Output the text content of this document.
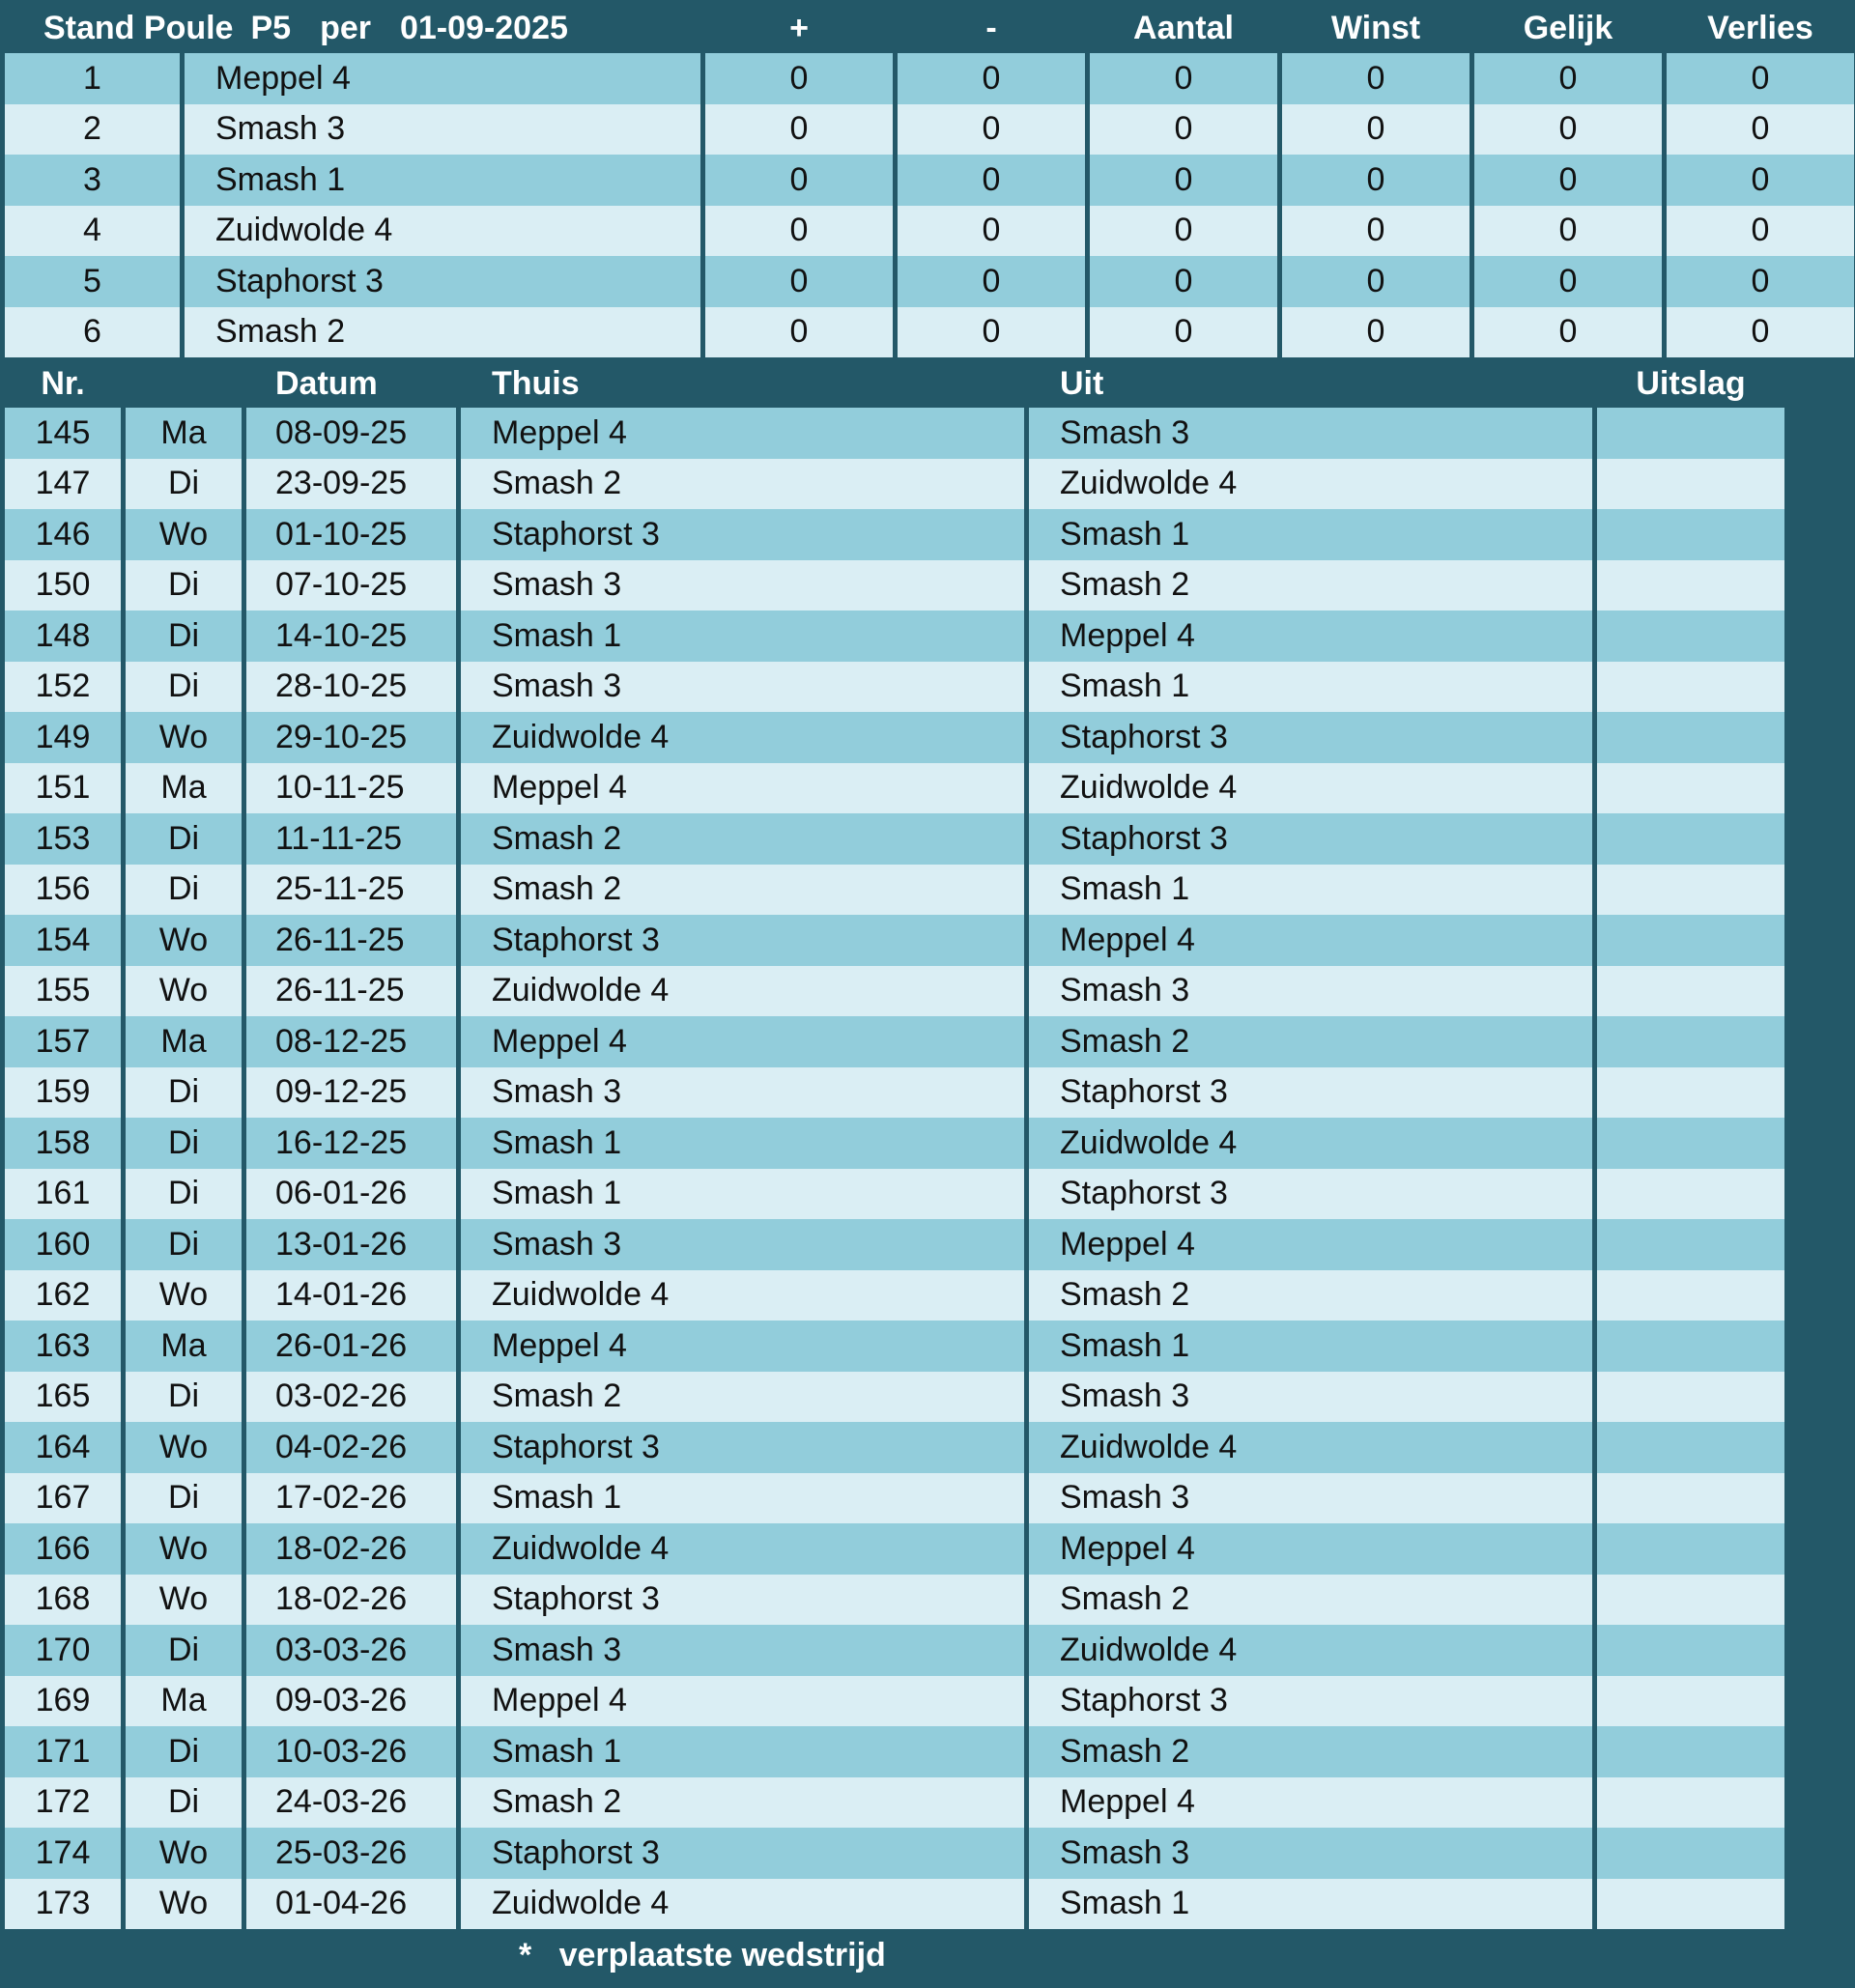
Stand Poule P5 per 01-09-2025	+	-	Aantal	Winst	Gelijk	Verlies
1	Meppel 4	0	0	0	0	0	0
2	Smash 3	0	0	0	0	0	0
3	Smash 1	0	0	0	0	0	0
4	Zuidwolde 4	0	0	0	0	0	0
5	Staphorst 3	0	0	0	0	0	0
6	Smash 2	0	0	0	0	0	0
Nr.	Datum	Thuis	Uit	Uitslag
145	Ma	08-09-25	Meppel 4	Smash 3
147	Di	23-09-25	Smash 2	Zuidwolde 4
146	Wo	01-10-25	Staphorst 3	Smash 1
150	Di	07-10-25	Smash 3	Smash 2
148	Di	14-10-25	Smash 1	Meppel 4
152	Di	28-10-25	Smash 3	Smash 1
149	Wo	29-10-25	Zuidwolde 4	Staphorst 3
151	Ma	10-11-25	Meppel 4	Zuidwolde 4
153	Di	11-11-25	Smash 2	Staphorst 3
156	Di	25-11-25	Smash 2	Smash 1
154	Wo	26-11-25	Staphorst 3	Meppel 4
155	Wo	26-11-25	Zuidwolde 4	Smash 3
157	Ma	08-12-25	Meppel 4	Smash 2
159	Di	09-12-25	Smash 3	Staphorst 3
158	Di	16-12-25	Smash 1	Zuidwolde 4
161	Di	06-01-26	Smash 1	Staphorst 3
160	Di	13-01-26	Smash 3	Meppel 4
162	Wo	14-01-26	Zuidwolde 4	Smash 2
163	Ma	26-01-26	Meppel 4	Smash 1
165	Di	03-02-26	Smash 2	Smash 3
164	Wo	04-02-26	Staphorst 3	Zuidwolde 4
167	Di	17-02-26	Smash 1	Smash 3
166	Wo	18-02-26	Zuidwolde 4	Meppel 4
168	Wo	18-02-26	Staphorst 3	Smash 2
170	Di	03-03-26	Smash 3	Zuidwolde 4
169	Ma	09-03-26	Meppel 4	Staphorst 3
171	Di	10-03-26	Smash 1	Smash 2
172	Di	24-03-26	Smash 2	Meppel 4
174	Wo	25-03-26	Staphorst 3	Smash 3
173	Wo	01-04-26	Zuidwolde 4	Smash 1
* verplaatste wedstrijd
